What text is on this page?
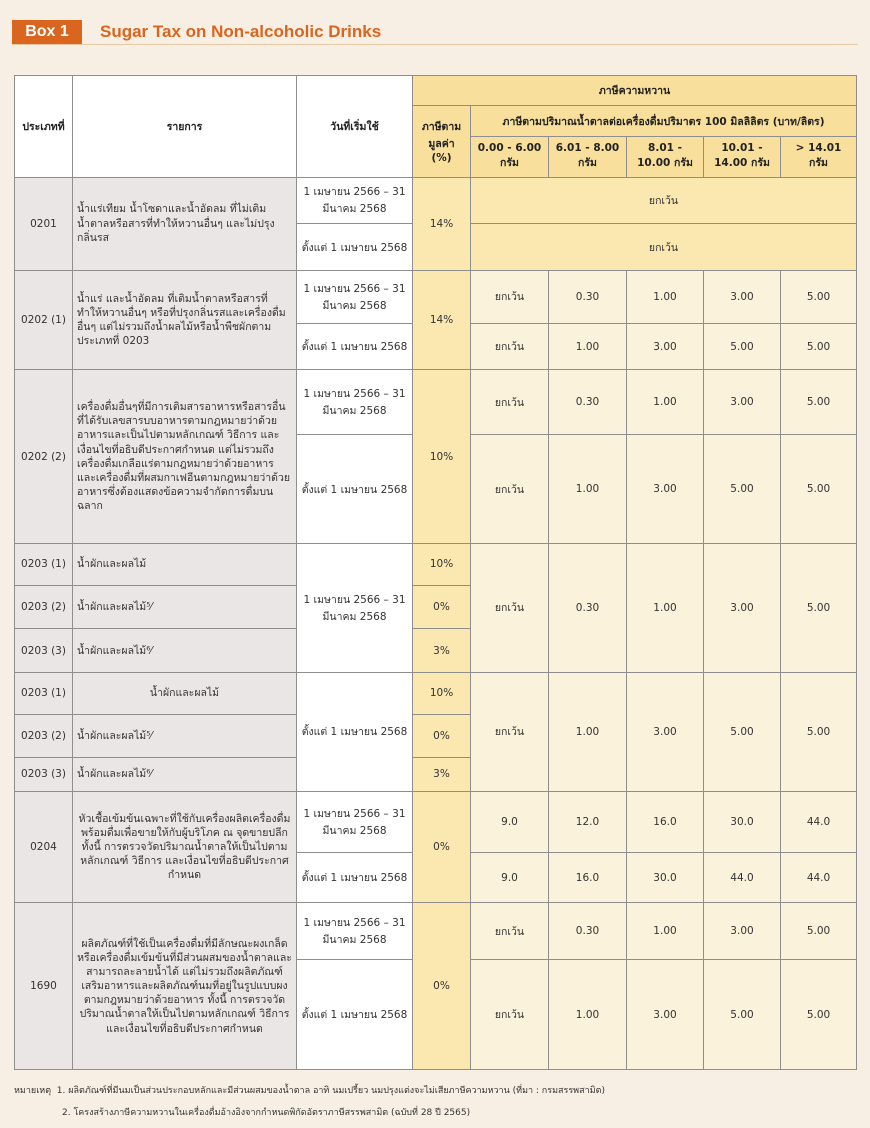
Box 1	Sugar Tax on Non-alcoholic Drinks
ประเภทที่	รายการ	วันที่เริ่มใช้	ภาษีความหวาน					
			ภาษีตามมูลค่า (%)	ภาษีตามปริมาณน้ำตาลต่อเครื่องดื่มปริมาตร 100 มิลลิลิตร (บาท/ลิตร)				
				0.00 - 6.00 กรัม	6.01 - 8.00 กรัม	8.01 - 10.00 กรัม	10.01 - 14.00 กรัม	> 14.01 กรัม
0201	น้ำแร่เทียม น้ำโซดาและน้ำอัดลม ที่ไม่เติมน้ำตาลหรือสารที่ทำให้หวานอื่นๆ และไม่ปรุงกลิ่นรส	1 เมษายน 2566 – 31 มีนาคม 2568	14%	ยกเว้น				
		ตั้งแต่ 1 เมษายน 2568		ยกเว้น				
0202 (1)	น้ำแร่ และน้ำอัดลม ที่เติมน้ำตาลหรือสารที่ทำให้หวานอื่นๆ หรือที่ปรุงกลิ่นรสและเครื่องดื่มอื่นๆ แต่ไม่รวมถึงน้ำผลไม้หรือน้ำพืชผักตามประเภทที่ 0203	1 เมษายน 2566 – 31 มีนาคม 2568	14%	ยกเว้น	0.30	1.00	3.00	5.00
		ตั้งแต่ 1 เมษายน 2568		ยกเว้น	1.00	3.00	5.00	5.00
0202 (2)	เครื่องดื่มอื่นๆที่มีการเติมสารอาหารหรือสารอื่นที่ได้รับเลขสารบบอาหารตามกฎหมายว่าด้วยอาหารและเป็นไปตามหลักเกณฑ์ วิธีการ และเงื่อนไขที่อธิบดีประกาศกำหนด แต่ไม่รวมถึงเครื่องดื่มเกลือแร่ตามกฎหมายว่าด้วยอาหาร และเครื่องดื่มที่ผสมกาเฟอีนตามกฎหมายว่าด้วยอาหารซึ่งต้องแสดงข้อความจำกัดการดื่มบนฉลาก	1 เมษายน 2566 – 31 มีนาคม 2568	10%	ยกเว้น	0.30	1.00	3.00	5.00
		ตั้งแต่ 1 เมษายน 2568		ยกเว้น	1.00	3.00	5.00	5.00
0203 (1)	น้ำผักและผลไม้	1 เมษายน 2566 – 31 มีนาคม 2568	10%	ยกเว้น	0.30	1.00	3.00	5.00
0203 (2)	น้ำผักและผลไม้⁵⁄		0%					
0203 (3)	น้ำผักและผลไม้⁶⁄		3%					
0203 (1)	น้ำผักและผลไม้	ตั้งแต่ 1 เมษายน 2568	10%	ยกเว้น	1.00	3.00	5.00	5.00
0203 (2)	น้ำผักและผลไม้⁵⁄		0%					
0203 (3)	น้ำผักและผลไม้⁶⁄		3%					
0204	หัวเชื้อเข้มข้นเฉพาะที่ใช้กับเครื่องผลิตเครื่องดื่มพร้อมดื่มเพื่อขายให้กับผู้บริโภค ณ จุดขายปลีก ทั้งนี้ การตรวจวัดปริมาณน้ำตาลให้เป็นไปตามหลักเกณฑ์ วิธีการ และเงื่อนไขที่อธิบดีประกาศกำหนด	1 เมษายน 2566 – 31 มีนาคม 2568	0%	9.0	12.0	16.0	30.0	44.0
		ตั้งแต่ 1 เมษายน 2568		9.0	16.0	30.0	44.0	44.0
1690	ผลิตภัณฑ์ที่ใช้เป็นเครื่องดื่มที่มีลักษณะผงเกล็ด หรือเครื่องดื่มเข้มข้นที่มีส่วนผสมของน้ำตาลและสามารถละลายน้ำได้ แต่ไม่รวมถึงผลิตภัณฑ์เสริมอาหารและผลิตภัณฑ์นมที่อยู่ในรูปแบบผงตามกฎหมายว่าด้วยอาหาร ทั้งนี้ การตรวจวัดปริมาณน้ำตาลให้เป็นไปตามหลักเกณฑ์ วิธีการ และเงื่อนไขที่อธิบดีประกาศกำหนด	1 เมษายน 2566 – 31 มีนาคม 2568	0%	ยกเว้น	0.30	1.00	3.00	5.00
		ตั้งแต่ 1 เมษายน 2568		ยกเว้น	1.00	3.00	5.00	5.00
หมายเหตุ 1. ผลิตภัณฑ์ที่มีนมเป็นส่วนประกอบหลักและมีส่วนผสมของน้ำตาล อาทิ นมเปรี้ยว นมปรุงแต่งจะไม่เสียภาษีความหวาน (ที่มา : กรมสรรพสามิต)
2. โครงสร้างภาษีความหวานในเครื่องดื่มอ้างอิงจากกำหนดพิกัดอัตราภาษีสรรพสามิต (ฉบับที่ 28 ปี 2565)
